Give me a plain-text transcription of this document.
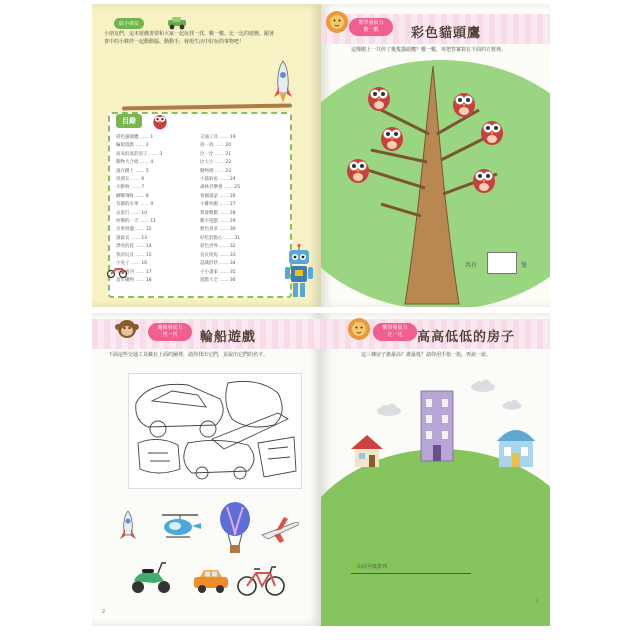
給小朋友
小朋友們，這本遊戲書要和大家一起玩找一找、數一數、比一比的遊戲。跟著書中的小夥伴一起動動腦、動動手，發現生活中好玩的事物吧！
目錄
彩色貓頭鷹 …… 1
輪船遊戲 …… 2
高高低低的房子 …… 3
動物大合唱 …… 4
誰在樹上 …… 5
找朋友 …… 6
小動物 …… 7
蝴蝶飛呀 …… 8
有趣的水果 …… 9
去旅行 …… 10
快樂的一天 …… 11
水果拼盤 …… 12
誰最長 …… 13
漂亮的花 …… 14
我的玩具 …… 15
小兔子 …… 16
小熊過河 …… 17
超市購物 …… 18
交通工具 …… 19
找一找 …… 20
比一比 …… 21
比大小 …… 22
動物園 …… 23
小貓釣魚 …… 24
森林音樂會 …… 25
看圖說話 …… 26
小雞快跑 …… 27
我會數數 …… 28
數字遊戲 …… 29
顏色真多 …… 30
好吃的點心 …… 31
彩色世界 …… 32
長長短短 …… 33
認識形狀 …… 34
小小畫家 …… 35
遊戲大全 …… 36
數學發展力
數一數	彩色貓頭鷹
這棵樹上一共停了幾隻貓頭鷹？數一數，再把答案寫在下面的方框裡。
共有	隻
邏輯發展力
找一找	輪船遊戲
下面這些交通工具藏在上面的圖裡，請你找出它們，並說出它們的名字。
2
觀察發展力
比一比	高高低低的房子
這三棟房子誰最高？誰最低？請你用手指一指，再說一說。
由高至低排列
3
